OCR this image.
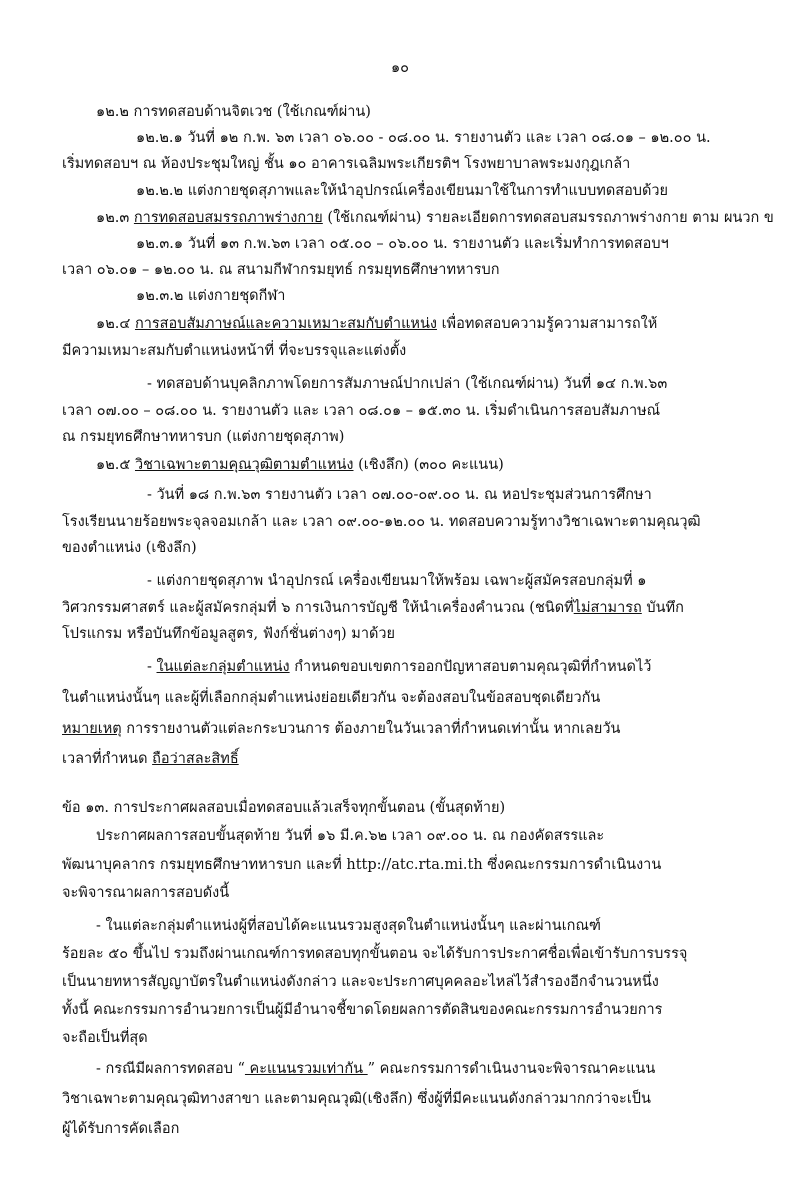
๑๐
๑๒.๒ การทดสอบด้านจิตเวช (ใช้เกณฑ์ผ่าน)
๑๒.๒.๑ วันที่ ๑๒ ก.พ. ๖๓ เวลา ๐๖.๐๐ - ๐๘.๐๐ น. รายงานตัว และ เวลา ๐๘.๐๑ – ๑๒.๐๐ น.
เริ่มทดสอบฯ ณ ห้องประชุมใหญ่ ชั้น ๑๐ อาคารเฉลิมพระเกียรติฯ โรงพยาบาลพระมงกุฎเกล้า
๑๒.๒.๒ แต่งกายชุดสุภาพและให้นำอุปกรณ์เครื่องเขียนมาใช้ในการทำแบบทดสอบด้วย
๑๒.๓ การทดสอบสมรรถภาพร่างกาย (ใช้เกณฑ์ผ่าน) รายละเอียดการทดสอบสมรรถภาพร่างกาย ตาม ผนวก ข
๑๒.๓.๑ วันที่ ๑๓ ก.พ.๖๓ เวลา ๐๕.๐๐ – ๐๖.๐๐ น. รายงานตัว และเริ่มทำการทดสอบฯ
เวลา ๐๖.๐๑ – ๑๒.๐๐ น. ณ สนามกีฬากรมยุทธ์ กรมยุทธศึกษาทหารบก
๑๒.๓.๒ แต่งกายชุดกีฬา
๑๒.๔ การสอบสัมภาษณ์และความเหมาะสมกับตำแหน่ง เพื่อทดสอบความรู้ความสามารถให้
มีความเหมาะสมกับตำแหน่งหน้าที่ ที่จะบรรจุและแต่งตั้ง
- ทดสอบด้านบุคลิกภาพโดยการสัมภาษณ์ปากเปล่า (ใช้เกณฑ์ผ่าน) วันที่ ๑๔ ก.พ.๖๓
เวลา ๐๗.๐๐ – ๐๘.๐๐ น. รายงานตัว และ เวลา ๐๘.๐๑ – ๑๕.๓๐ น. เริ่มดำเนินการสอบสัมภาษณ์
ณ กรมยุทธศึกษาทหารบก (แต่งกายชุดสุภาพ)
๑๒.๕ วิชาเฉพาะตามคุณวุฒิตามตำแหน่ง (เชิงลึก) (๓๐๐ คะแนน)
- วันที่ ๑๘ ก.พ.๖๓ รายงานตัว เวลา ๐๗.๐๐-๐๙.๐๐ น. ณ หอประชุมส่วนการศึกษา
โรงเรียนนายร้อยพระจุลจอมเกล้า และ เวลา ๐๙.๐๐-๑๒.๐๐ น. ทดสอบความรู้ทางวิชาเฉพาะตามคุณวุฒิ
ของตำแหน่ง (เชิงลึก)
- แต่งกายชุดสุภาพ นำอุปกรณ์ เครื่องเขียนมาให้พร้อม เฉพาะผู้สมัครสอบกลุ่มที่ ๑
วิศวกรรมศาสตร์ และผู้สมัครกลุ่มที่ ๖ การเงินการบัญชี ให้นำเครื่องคำนวณ (ชนิดที่ไม่สามารถ บันทึก
โปรแกรม หรือบันทึกข้อมูลสูตร, ฟังก์ชั่นต่างๆ) มาด้วย
- ในแต่ละกลุ่มตำแหน่ง กำหนดขอบเขตการออกปัญหาสอบตามคุณวุฒิที่กำหนดไว้
ในตำแหน่งนั้นๆ และผู้ที่เลือกกลุ่มตำแหน่งย่อยเดียวกัน จะต้องสอบในข้อสอบชุดเดียวกัน
หมายเหตุ การรายงานตัวแต่ละกระบวนการ ต้องภายในวันเวลาที่กำหนดเท่านั้น หากเลยวัน
เวลาที่กำหนด ถือว่าสละสิทธิ์
ข้อ ๑๓. การประกาศผลสอบเมื่อทดสอบแล้วเสร็จทุกขั้นตอน (ขั้นสุดท้าย)
ประกาศผลการสอบขั้นสุดท้าย วันที่ ๑๖ มี.ค.๖๒ เวลา ๐๙.๐๐ น. ณ กองคัดสรรและ
พัฒนาบุคลากร กรมยุทธศึกษาทหารบก และที่ http://atc.rta.mi.th ซึ่งคณะกรรมการดำเนินงาน
จะพิจารณาผลการสอบดังนี้
- ในแต่ละกลุ่มตำแหน่งผู้ที่สอบได้คะแนนรวมสูงสุดในตำแหน่งนั้นๆ และผ่านเกณฑ์
ร้อยละ ๕๐ ขึ้นไป รวมถึงผ่านเกณฑ์การทดสอบทุกขั้นตอน จะได้รับการประกาศชื่อเพื่อเข้ารับการบรรจุ
เป็นนายทหารสัญญาบัตรในตำแหน่งดังกล่าว และจะประกาศบุคคลอะไหล่ไว้สำรองอีกจำนวนหนึ่ง
ทั้งนี้ คณะกรรมการอำนวยการเป็นผู้มีอำนาจชี้ขาดโดยผลการตัดสินของคณะกรรมการอำนวยการ
จะถือเป็นที่สุด
- กรณีมีผลการทดสอบ “ คะแนนรวมเท่ากัน ” คณะกรรมการดำเนินงานจะพิจารณาคะแนน
วิชาเฉพาะตามคุณวุฒิทางสาขา และตามคุณวุฒิ(เชิงลึก) ซึ่งผู้ที่มีคะแนนดังกล่าวมากกว่าจะเป็น
ผู้ได้รับการคัดเลือก
